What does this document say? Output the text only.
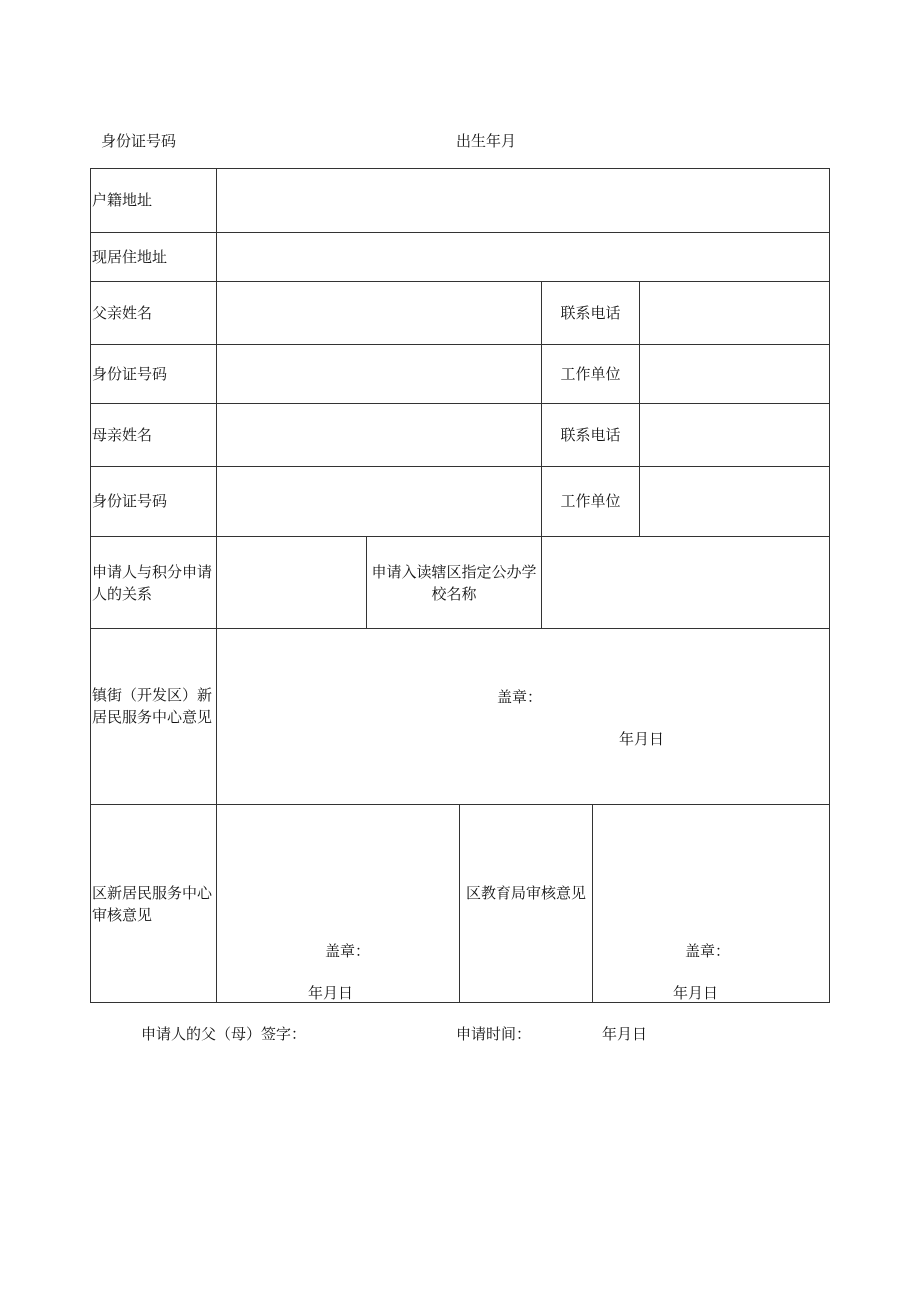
身份证号码	出生年月
户籍地址
现居住地址
父亲姓名	联系电话
身份证号码	工作单位
母亲姓名	联系电话
身份证号码	工作单位
申请人与积分申请人的关系
申请入读辖区指定公办学校名称
镇街（开发区）新居民服务中心意见
盖章：
年月日
区新居民服务中心审核意见
盖章：
年月日
区教育局审核意见
盖章：
年月日
申请人的父（母）签字：	申请时间：	年月日
